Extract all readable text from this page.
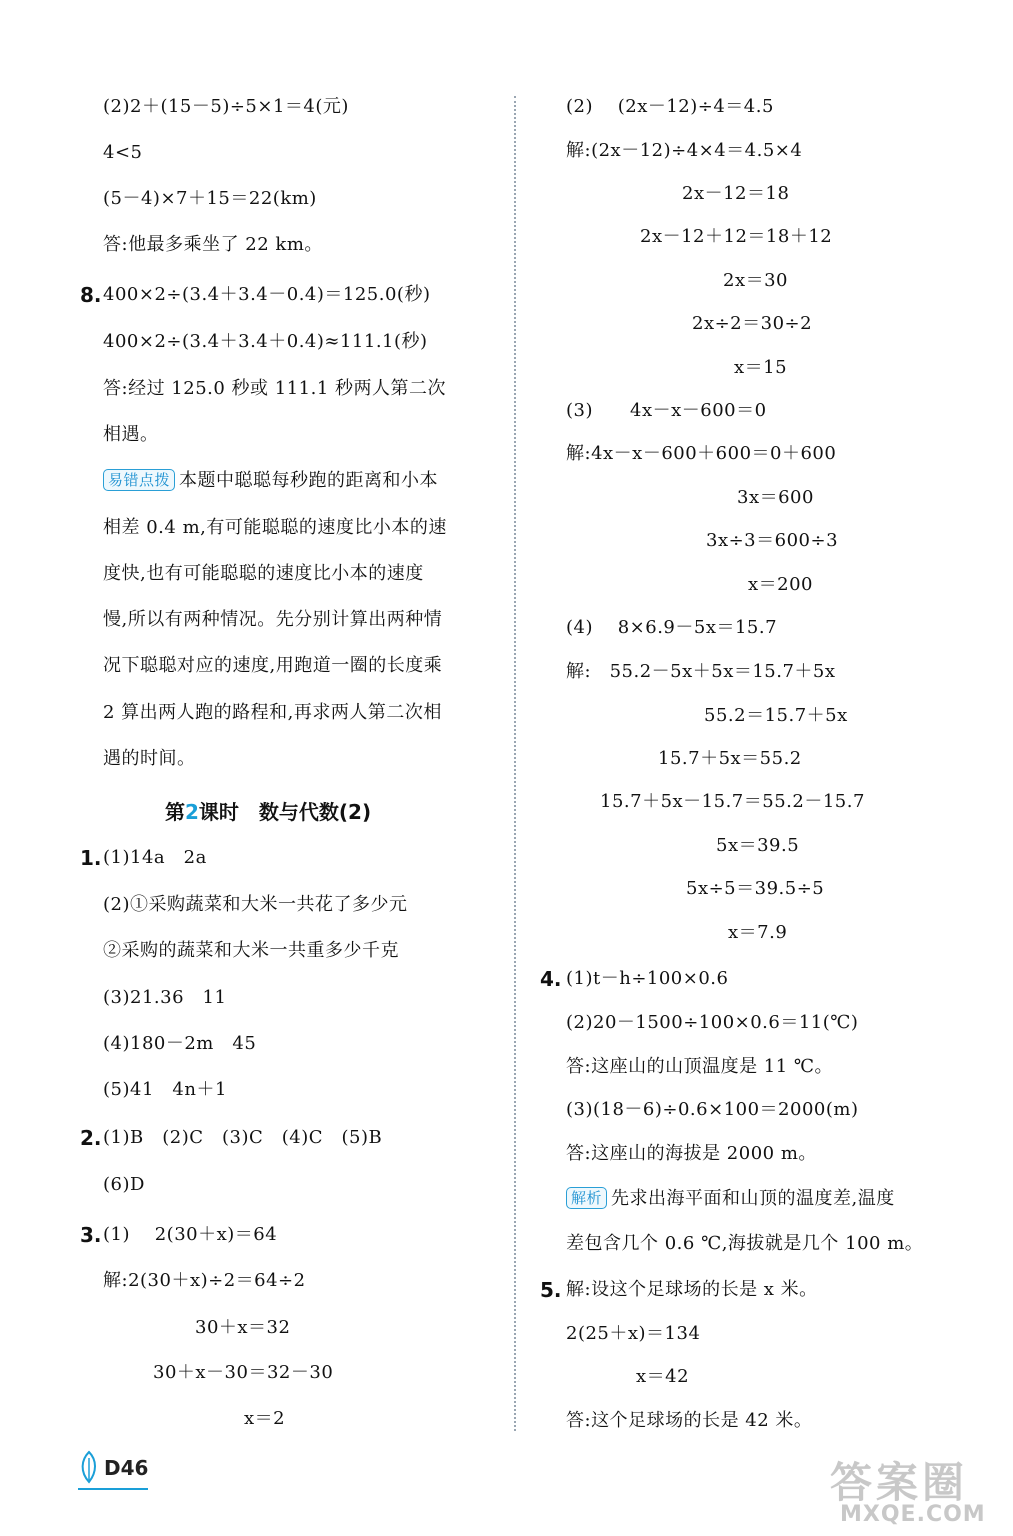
(2)2＋(15－5)÷5×1＝4(元)
4<5
(5－4)×7＋15＝22(km)
答:他最多乘坐了 22 km。
8. 400×2÷(3.4＋3.4－0.4)＝125.0(秒)
400×2÷(3.4＋3.4＋0.4)≈111.1(秒)
答:经过 125.0 秒或 111.1 秒两人第二次
相遇。
易错点拨 本题中聪聪每秒跑的距离和小本
相差 0.4 m,有可能聪聪的速度比小本的速
度快,也有可能聪聪的速度比小本的速度
慢,所以有两种情况。先分别计算出两种情
况下聪聪对应的速度,用跑道一圈的长度乘
2 算出两人跑的路程和,再求两人第二次相
遇的时间。
第2课时　数与代数(2)
1. (1)14a　2a
(2)①采购蔬菜和大米一共花了多少元
②采购的蔬菜和大米一共重多少千克
(3)21.36　11
(4)180－2m　45
(5)41　4n＋1
2. (1)B　(2)C　(3)C　(4)C　(5)B
(6)D
3. (1)　 2(30＋x)＝64
解:2(30＋x)÷2＝64÷2
30＋x＝32
30＋x－30＝32－30
x＝2
(2)　 (2x－12)÷4＝4.5
解:(2x－12)÷4×4＝4.5×4
2x－12＝18
2x－12＋12＝18＋12
2x＝30
2x÷2＝30÷2
x＝15
(3)　　4x－x－600＝0
解:4x－x－600＋600＝0＋600
3x＝600
3x÷3＝600÷3
x＝200
(4)　 8×6.9－5x＝15.7
解:　55.2－5x＋5x＝15.7＋5x
55.2＝15.7＋5x
15.7＋5x＝55.2
15.7＋5x－15.7＝55.2－15.7
5x＝39.5
5x÷5＝39.5÷5
x＝7.9
4. (1)t－h÷100×0.6
(2)20－1500÷100×0.6＝11(℃)
答:这座山的山顶温度是 11 ℃。
(3)(18－6)÷0.6×100＝2000(m)
答:这座山的海拔是 2000 m。
解析 先求出海平面和山顶的温度差,温度
差包含几个 0.6 ℃,海拔就是几个 100 m。
5. 解:设这个足球场的长是 x 米。
2(25＋x)＝134
x＝42
答:这个足球场的长是 42 米。
D46	答案圈
MXQE.COM
